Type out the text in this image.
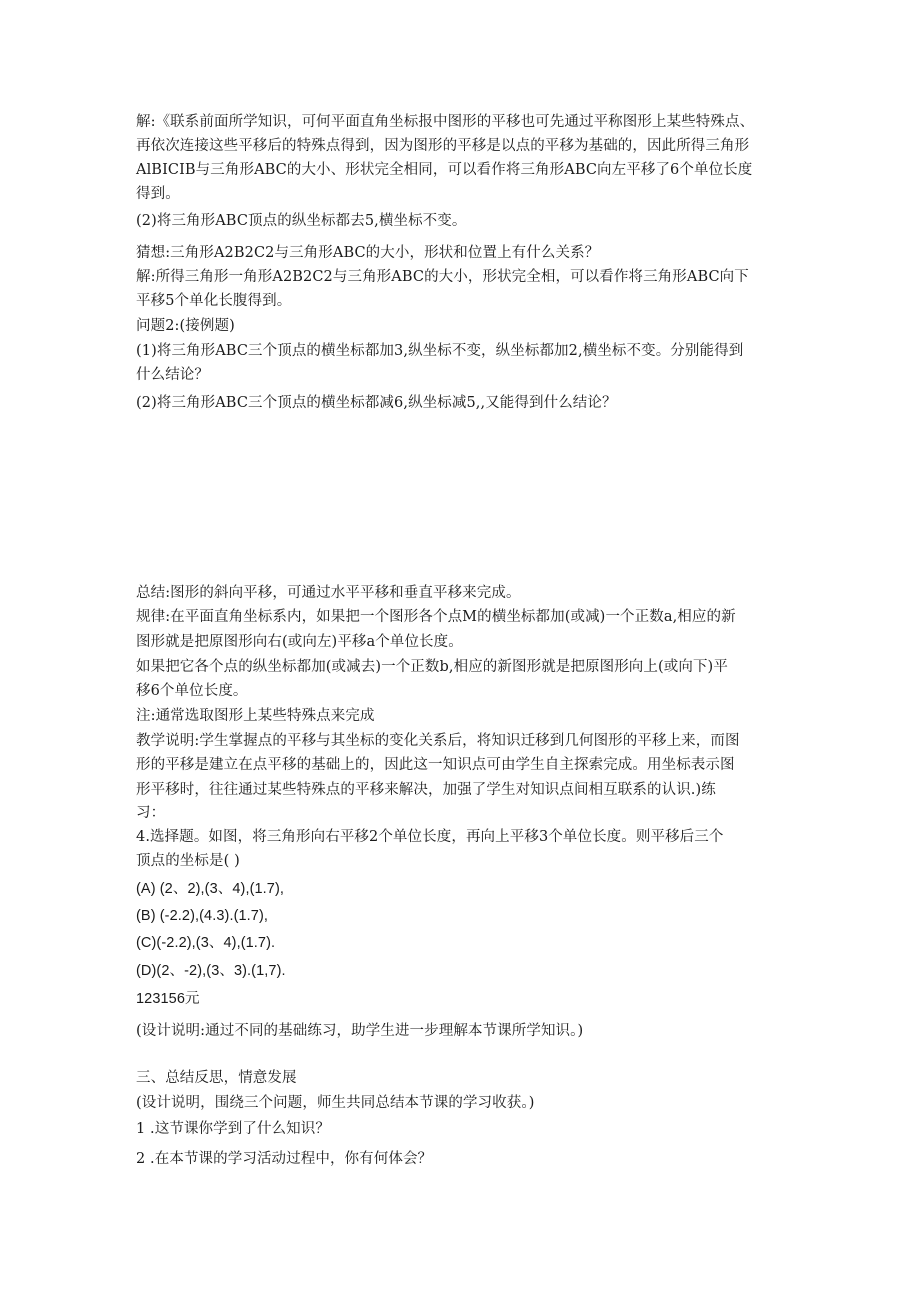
解:《联系前面所学知识，可何平面直角坐标报中图形的平移也可先通过平称图形上某些特殊点、

再依次连接这些平移后的特殊点得到，因为图形的平移是以点的平移为基础的，因此所得三角形

AlBICIB与三角形ABC的大小、形状完全相同，可以看作将三角形ABC向左平移了6个单位长度

得到。

(2)将三角形ABC顶点的纵坐标都去5,横坐标不变。

猜想:三角形A2B2C2与三角形ABC的大小，形状和位置上有什么关系？

解:所得三角形一角形A2B2C2与三角形ABC的大小，形状完全相，可以看作将三角形ABC向下

平移5个单化长腹得到。

问题2:(接例题)

(1)将三角形ABC三个顶点的横坐标都加3,纵坐标不变，纵坐标都加2,横坐标不变。分别能得到

什么结论？

(2)将三角形ABC三个顶点的横坐标都减6,纵坐标减5,,又能得到什么结论？

总结:图形的斜向平移，可通过水平平移和垂直平移来完成。

规律:在平面直角坐标系内，如果把一个图形各个点M的横坐标都加(或减)一个正数a,相应的新

图形就是把原图形向右(或向左)平移a个单位长度。

如果把它各个点的纵坐标都加(或减去)一个正数b,相应的新图形就是把原图形向上(或向下)平

移6个单位长度。

注:通常选取图形上某些特殊点来完成

教学说明:学生掌握点的平移与其坐标的变化关系后，将知识迁移到几何图形的平移上来，而图

形的平移是建立在点平移的基础上的，因此这一知识点可由学生自主探索完成。用坐标表示图

形平移时，往往通过某些特殊点的平移来解决，加强了学生对知识点间相互联系的认识.)练

习：

4.选择题。如图，将三角形向右平移2个单位长度，再向上平移3个单位长度。则平移后三个

顶点的坐标是( )

(A) (2、2),(3、4),(1.7),

(B) (-2.2),(4.3).(1.7),

(C)(-2.2),(3、4),(1.7).

(D)(2、-2),(3、3).(1,7).

123156元

(设计说明:通过不同的基础练习，助学生进一步理解本节课所学知识。)

三、总结反思，情意发展

(设计说明，围绕三个问题，师生共同总结本节课的学习收获。)

1 .这节课你学到了什么知识？

2 .在本节课的学习活动过程中，你有何体会？
